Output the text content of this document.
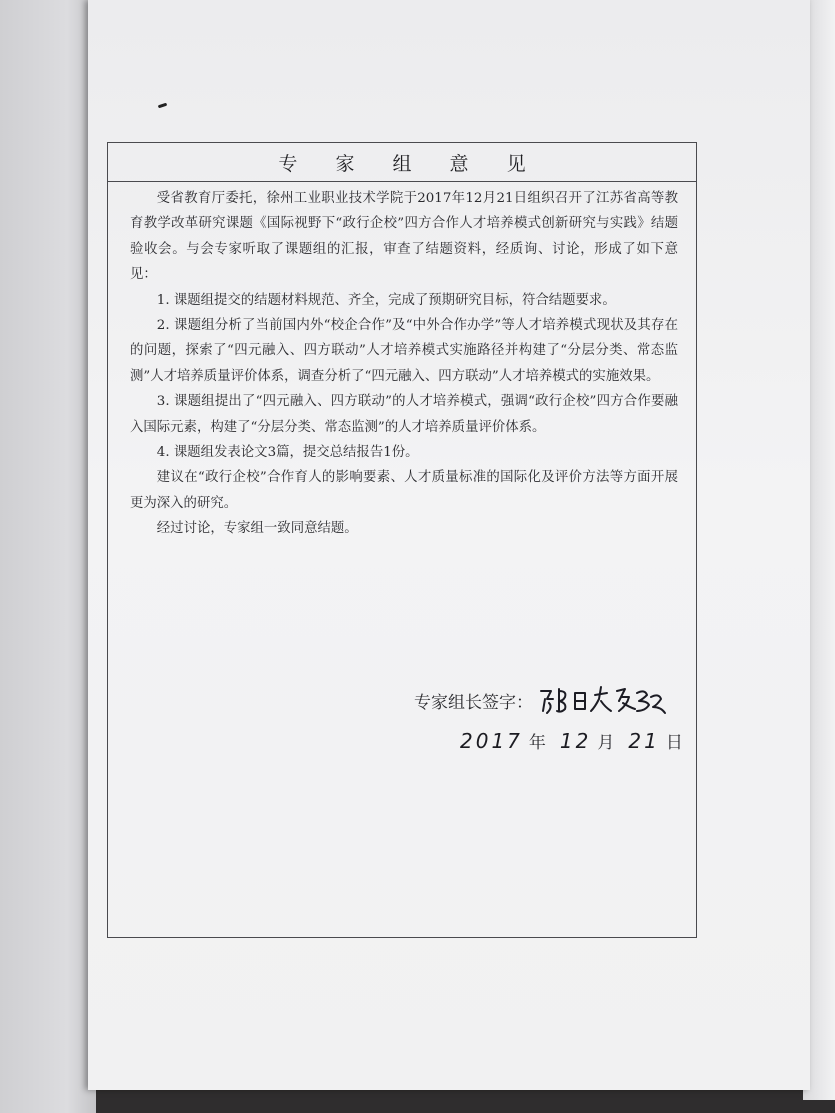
专 家 组 意 见

受省教育厅委托，徐州工业职业技术学院于2017年12月21日组织召开了江苏省高等教育教学改革研究课题《国际视野下“政行企校”四方合作人才培养模式创新研究与实践》结题验收会。与会专家听取了课题组的汇报，审查了结题资料，经质询、讨论，形成了如下意见：

1. 课题组提交的结题材料规范、齐全，完成了预期研究目标，符合结题要求。

2. 课题组分析了当前国内外“校企合作”及“中外合作办学”等人才培养模式现状及其存在的问题，探索了“四元融入、四方联动”人才培养模式实施路径并构建了“分层分类、常态监测”人才培养质量评价体系，调查分析了“四元融入、四方联动”人才培养模式的实施效果。

3. 课题组提出了“四元融入、四方联动”的人才培养模式，强调“政行企校”四方合作要融入国际元素，构建了“分层分类、常态监测”的人才培养质量评价体系。

4. 课题组发表论文3篇，提交总结报告1份。

建议在“政行企校”合作育人的影响要素、人才质量标准的国际化及评价方法等方面开展更为深入的研究。

经过讨论，专家组一致同意结题。

专家组长签字：
2017 年 12 月 21 日
